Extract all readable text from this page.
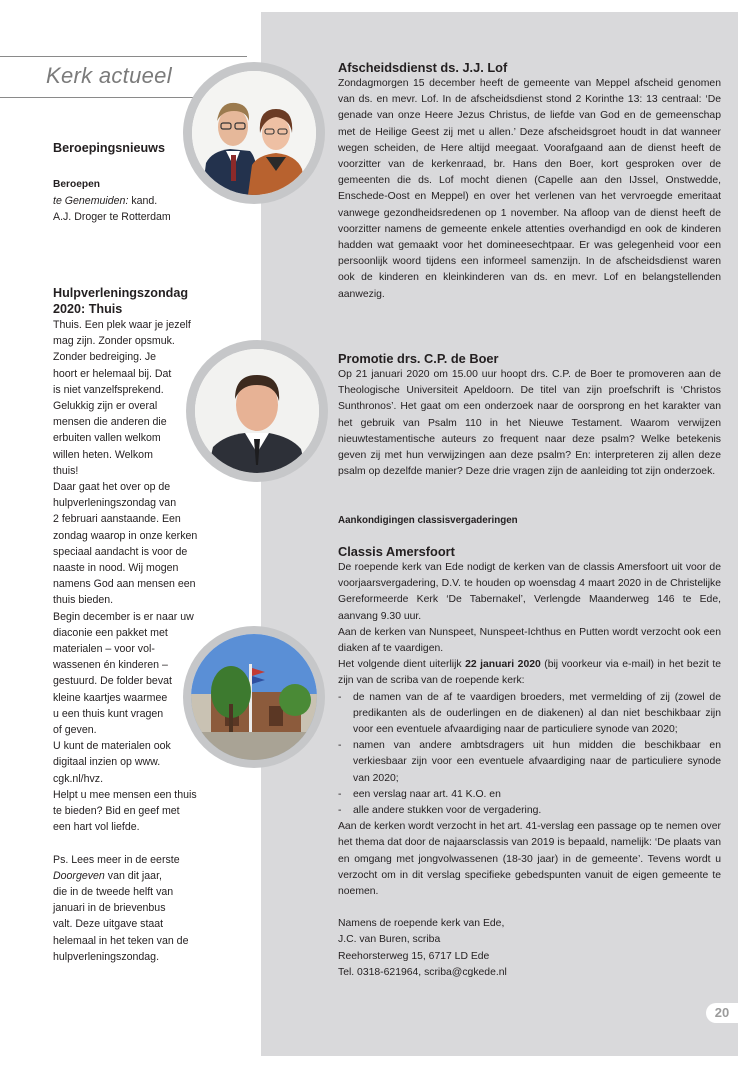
Kerk actueel

Beroepingsnieuws

Beroepen

te Genemuiden: kand.

A.J. Droger te Rotterdam

Hulpverleningszondag

2020: Thuis

Thuis. Een plek waar je jezelf

mag zijn. Zonder opsmuk.

Zonder bedreiging. Je

hoort er helemaal bij. Dat

is niet vanzelfsprekend.

Gelukkig zijn er overal

mensen die anderen die

erbuiten vallen welkom

willen heten. Welkom

thuis!

Daar gaat het over op de

hulpverleningszondag van

2 februari aanstaande. Een

zondag waarop in onze kerken

speciaal aandacht is voor de

naaste in nood. Wij mogen

namens God aan mensen een

thuis bieden.

Begin december is er naar uw

diaconie een pakket met

materialen – voor vol-

wassenen én kinderen –

gestuurd. De folder bevat

kleine kaartjes waarmee

u een thuis kunt vragen

of geven.

U kunt de materialen ook

digitaal inzien op www.

cgk.nl/hvz.

Helpt u mee mensen een thuis

te bieden? Bid en geef met

een hart vol liefde.

Ps. Lees meer in de eerste

Doorgeven van dit jaar,

die in de tweede helft van

januari in de brievenbus

valt. Deze uitgave staat

helemaal in het teken van de

hulpverleningszondag.

Afscheidsdienst ds. J.J. Lof

Zondagmorgen 15 december heeft de gemeente van Meppel afscheid genomen van ds. en mevr. Lof. In de afscheidsdienst stond 2 Korinthe 13: 13 centraal: ‘De genade van onze Heere Jezus Christus, de liefde van God en de gemeenschap met de Heilige Geest zij met u allen.’ Deze afscheidsgroet houdt in dat wanneer wegen scheiden, de Here altijd meegaat. Voorafgaand aan de dienst heeft de voorzitter van de kerkenraad, br. Hans den Boer, kort gesproken over de gemeenten die ds. Lof mocht dienen (Capelle aan den IJssel, Onstwedde, Enschede-Oost en Meppel) en over het verlenen van het vervroegde emeritaat vanwege gezondheidsredenen op 1 november. Na afloop van de dienst heeft de voorzitter namens de gemeente enkele attenties overhandigd en ook de kinderen hadden wat gemaakt voor het domineesechtpaar. Er was gelegenheid voor een persoonlijk woord tijdens een informeel samenzijn. In de afscheidsdienst waren ook de kinderen en kleinkinderen van ds. en mevr. Lof en belangstellenden aanwezig.

Promotie drs. C.P. de Boer

Op 21 januari 2020 om 15.00 uur hoopt drs. C.P. de Boer te promoveren aan de Theologische Universiteit Apeldoorn. De titel van zijn proefschrift is ‘Christos Sunthronos’. Het gaat om een onderzoek naar de oorsprong en het karakter van het gebruik van Psalm 110 in het Nieuwe Testament. Waarom verwijzen nieuwtestamentische auteurs zo frequent naar deze psalm? Welke betekenis geven zij met hun verwijzingen aan deze psalm? En: interpreteren zij allen deze psalm op dezelfde manier? Deze drie vragen zijn de aanleiding tot zijn onderzoek.

Aankondigingen classisvergaderingen

Classis Amersfoort

De roepende kerk van Ede nodigt de kerken van de classis Amersfoort uit voor de voorjaarsvergadering, D.V. te houden op woensdag 4 maart 2020 in de Christelijke Gereformeerde Kerk ‘De Tabernakel’, Verlengde Maanderweg 146 te Ede, aanvang 9.30 uur.

Aan de kerken van Nunspeet, Nunspeet-Ichthus en Putten wordt verzocht ook een diaken af te vaardigen.

Het volgende dient uiterlijk 22 januari 2020 (bij voorkeur via e-mail) in het bezit te zijn van de scriba van de roepende kerk:

- de namen van de af te vaardigen broeders, met vermelding of zij (zowel de predikanten als de ouderlingen en de diakenen) al dan niet beschikbaar zijn voor een eventuele afvaardiging naar de particuliere synode van 2020;
- namen van andere ambtsdragers uit hun midden die beschikbaar en verkiesbaar zijn voor een eventuele afvaardiging naar de particuliere synode van 2020;
- een verslag naar art. 41 K.O. en
- alle andere stukken voor de vergadering.

Aan de kerken wordt verzocht in het art. 41-verslag een passage op te nemen over het thema dat door de najaarsclassis van 2019 is bepaald, namelijk: ‘De plaats van en omgang met jongvolwassenen (18-30 jaar) in de gemeente’. Tevens wordt u verzocht om in dit verslag specifieke gebedspunten vanuit de eigen gemeente te noemen.

Namens de roepende kerk van Ede,

J.C. van Buren, scriba

Reehorsterweg 15, 6717 LD Ede

Tel. 0318-621964, scriba@cgkede.nl

20
